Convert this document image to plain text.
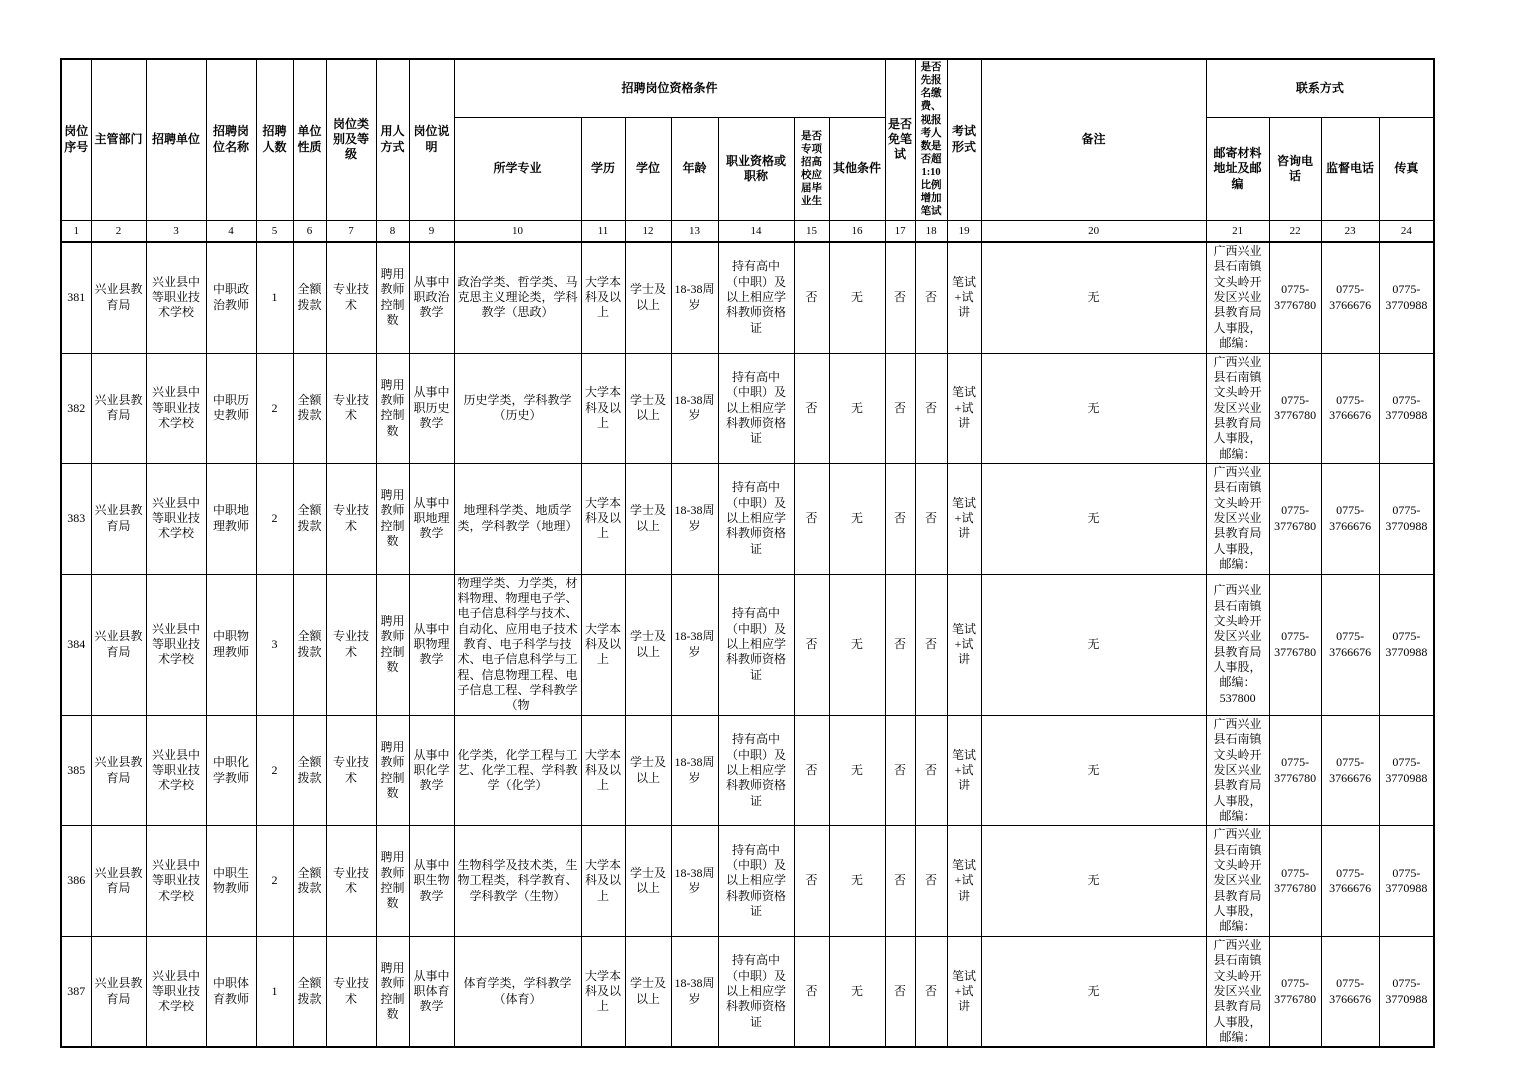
岗位序号	主管部门	招聘单位	招聘岗位名称	招聘人数	单位性质	岗位类别及等级	用人方式	岗位说明	招聘岗位资格条件							是否免笔试	是否先报名缴费、视报考人数是否超1:10比例增加笔试	考试形式	备注	联系方式			
									所学专业	学历	学位	年龄	职业资格或职称	是否专项招高校应届毕业生	其他条件					邮寄材料地址及邮编	咨询电话	监督电话	传真
1	2	3	4	5	6	7	8	9	10	11	12	13	14	15	16	17	18	19	20	21	22	23	24
381	兴业县教育局	兴业县中等职业技术学校	中职政治教师	1	全额拨款	专业技术	聘用教师控制数	从事中职政治教学	政治学类、哲学类、马克思主义理论类，学科教学（思政）	大学本科及以上	学士及以上	18-38周岁	持有高中（中职）及以上相应学科教师资格证	否	无	否	否	笔试+试讲	无	广西兴业县石南镇文头岭开发区兴业县教育局人事股，邮编：	0775-3776780	0775-3766676	0775-3770988
382	兴业县教育局	兴业县中等职业技术学校	中职历史教师	2	全额拨款	专业技术	聘用教师控制数	从事中职历史教学	历史学类，学科教学（历史）	大学本科及以上	学士及以上	18-38周岁	持有高中（中职）及以上相应学科教师资格证	否	无	否	否	笔试+试讲	无	广西兴业县石南镇文头岭开发区兴业县教育局人事股，邮编：	0775-3776780	0775-3766676	0775-3770988
383	兴业县教育局	兴业县中等职业技术学校	中职地理教师	2	全额拨款	专业技术	聘用教师控制数	从事中职地理教学	地理科学类、地质学类，学科教学（地理）	大学本科及以上	学士及以上	18-38周岁	持有高中（中职）及以上相应学科教师资格证	否	无	否	否	笔试+试讲	无	广西兴业县石南镇文头岭开发区兴业县教育局人事股，邮编：	0775-3776780	0775-3766676	0775-3770988
384	兴业县教育局	兴业县中等职业技术学校	中职物理教师	3	全额拨款	专业技术	聘用教师控制数	从事中职物理教学	物理学类、力学类，材料物理、物理电子学、电子信息科学与技术、自动化、应用电子技术教育、电子科学与技术、电子信息科学与工程、信息物理工程、电子信息工程、学科教学（物	大学本科及以上	学士及以上	18-38周岁	持有高中（中职）及以上相应学科教师资格证	否	无	否	否	笔试+试讲	无	广西兴业县石南镇文头岭开发区兴业县教育局人事股，邮编：537800	0775-3776780	0775-3766676	0775-3770988
385	兴业县教育局	兴业县中等职业技术学校	中职化学教师	2	全额拨款	专业技术	聘用教师控制数	从事中职化学教学	化学类，化学工程与工艺、化学工程、学科教学（化学）	大学本科及以上	学士及以上	18-38周岁	持有高中（中职）及以上相应学科教师资格证	否	无	否	否	笔试+试讲	无	广西兴业县石南镇文头岭开发区兴业县教育局人事股，邮编：	0775-3776780	0775-3766676	0775-3770988
386	兴业县教育局	兴业县中等职业技术学校	中职生物教师	2	全额拨款	专业技术	聘用教师控制数	从事中职生物教学	生物科学及技术类，生物工程类，科学教育、学科教学（生物）	大学本科及以上	学士及以上	18-38周岁	持有高中（中职）及以上相应学科教师资格证	否	无	否	否	笔试+试讲	无	广西兴业县石南镇文头岭开发区兴业县教育局人事股，邮编：	0775-3776780	0775-3766676	0775-3770988
387	兴业县教育局	兴业县中等职业技术学校	中职体育教师	1	全额拨款	专业技术	聘用教师控制数	从事中职体育教学	体育学类，学科教学（体育）	大学本科及以上	学士及以上	18-38周岁	持有高中（中职）及以上相应学科教师资格证	否	无	否	否	笔试+试讲	无	广西兴业县石南镇文头岭开发区兴业县教育局人事股，邮编：	0775-3776780	0775-3766676	0775-3770988
